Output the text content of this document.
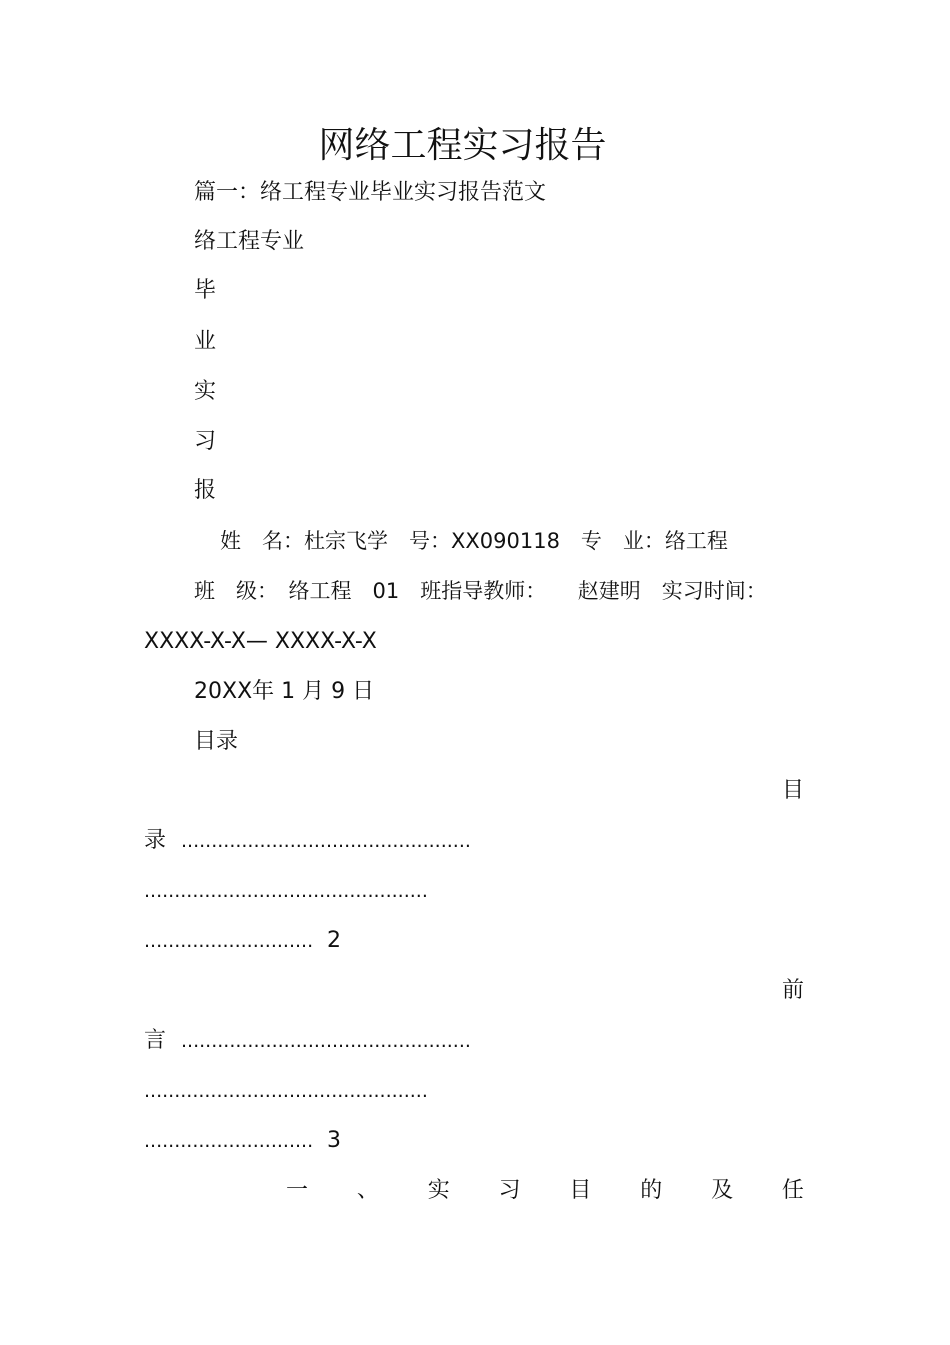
网络工程实习报告
篇一：络工程专业毕业实习报告范文
络工程专业
毕
业
实
习
报
姓　名：杜宗飞学　号：XX090118　专　业：络工程
班　级：　络工程　01　班指导教师：　　赵建明　实习时间：
XXXX-X-X— XXXX-X-X
20XX年 1 月 9 日
目录
目
录 ................................................
...............................................
............................ 2
前
言 ................................................
...............................................
............................ 3
一 、 实 习 目 的 及 任
